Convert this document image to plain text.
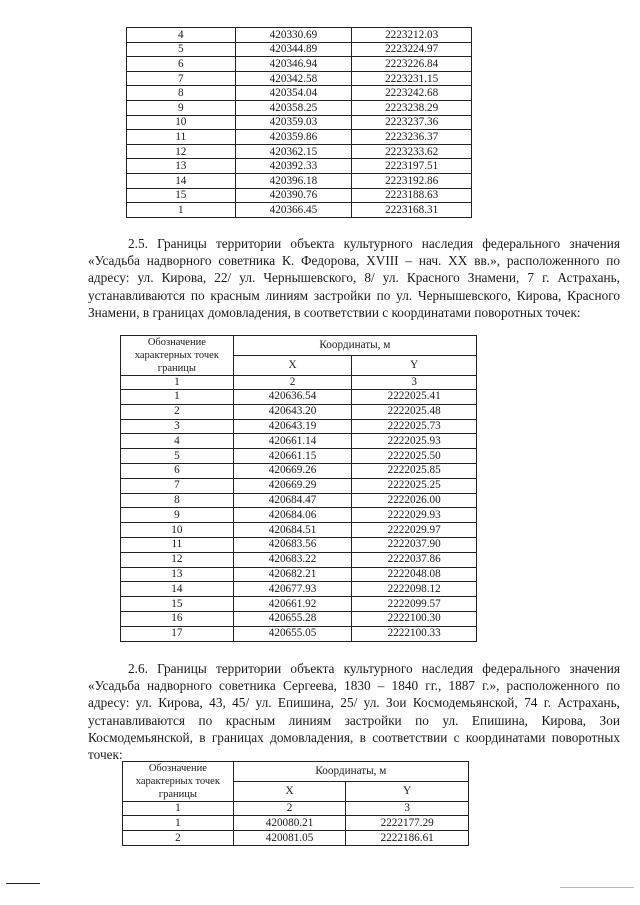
4	420330.69	2223212.03
5	420344.89	2223224.97
6	420346.94	2223226.84
7	420342.58	2223231.15
8	420354.04	2223242.68
9	420358.25	2223238.29
10	420359.03	2223237.36
11	420359.86	2223236.37
12	420362.15	2223233.62
13	420392.33	2223197.51
14	420396.18	2223192.86
15	420390.76	2223188.63
1	420366.45	2223168.31

2.5. Границы территории объекта культурного наследия федерального значения «Усадьба надворного советника К. Федорова, XVIII – нач. XX вв.», расположенного по адресу: ул. Кирова, 22/ ул. Чернышевского, 8/ ул. Красного Знамени, 7 г. Астрахань, устанавливаются по красным линиям застройки по ул. Чернышевского, Кирова, Красного Знамени, в границах домовладения, в соответствии с координатами поворотных точек:

Обозначение характерных точек границы	Координаты, м	
	X	Y
1	2	3
1	420636.54	2222025.41
2	420643.20	2222025.48
3	420643.19	2222025.73
4	420661.14	2222025.93
5	420661.15	2222025.50
6	420669.26	2222025.85
7	420669.29	2222025.25
8	420684.47	2222026.00
9	420684.06	2222029.93
10	420684.51	2222029.97
11	420683.56	2222037.90
12	420683.22	2222037.86
13	420682.21	2222048.08
14	420677.93	2222098.12
15	420661.92	2222099.57
16	420655.28	2222100.30
17	420655.05	2222100.33

2.6. Границы территории объекта культурного наследия федерального значения «Усадьба надворного советника Сергеева, 1830 – 1840 гг., 1887 г.», расположенного по адресу: ул. Кирова, 43, 45/ ул. Епишина, 25/ ул. Зои Космодемьянской, 74 г. Астрахань, устанавливаются по красным линиям застройки по ул. Епишина, Кирова, Зои Космодемьянской, в границах домовладения, в соответствии с координатами поворотных точек:

Обозначение характерных точек границы	Координаты, м	
	X	Y
1	2	3
1	420080.21	2222177.29
2	420081.05	2222186.61
